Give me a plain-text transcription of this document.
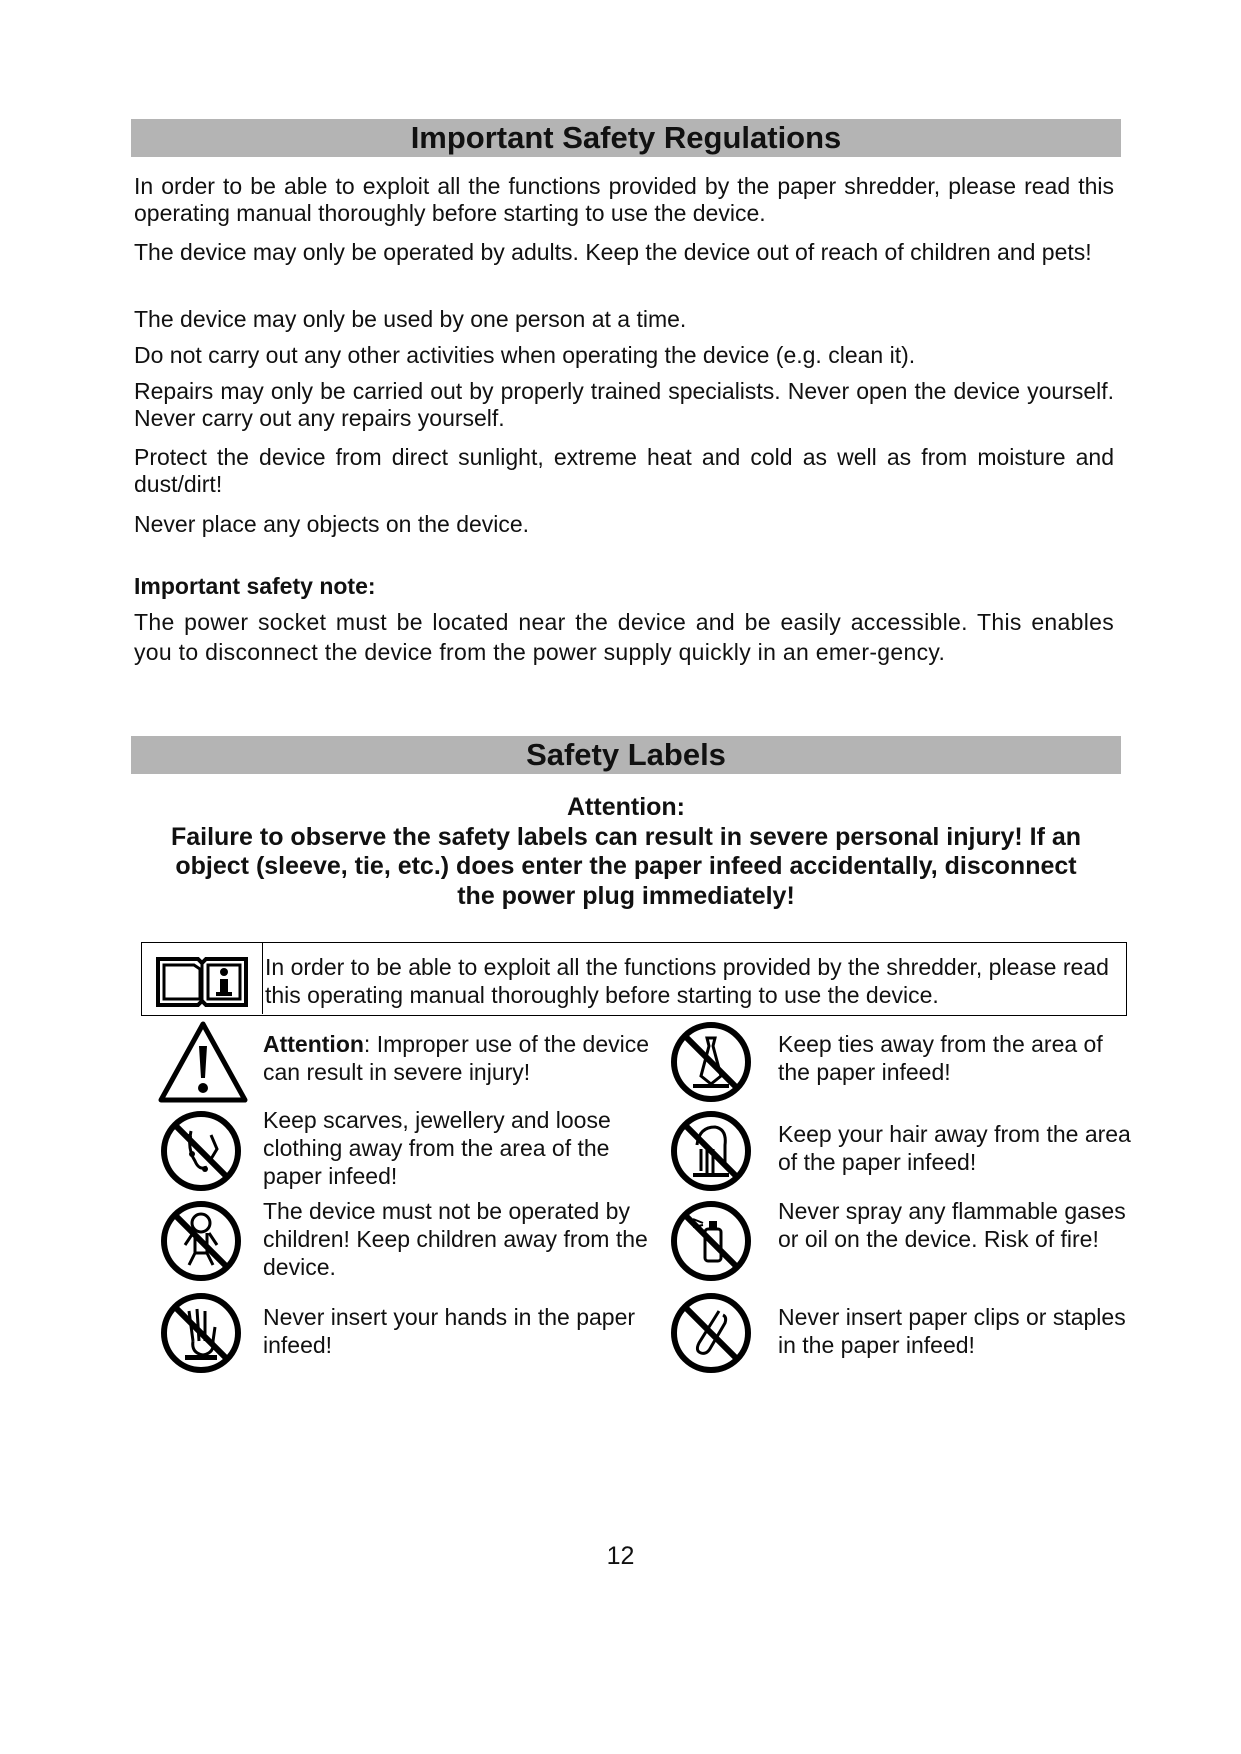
Important Safety Regulations

In order to be able to exploit all the functions provided by the paper shredder, please read this operating manual thoroughly before starting to use the device.

The device may only be operated by adults. Keep the device out of reach of children and pets!

The device may only be used by one person at a time.

Do not carry out any other activities when operating the device (e.g. clean it).

Repairs may only be carried out by properly trained specialists. Never open the device yourself. Never carry out any repairs yourself.

Protect the device from direct sunlight, extreme heat and cold as well as from moisture and dust/dirt!

Never place any objects on the device.

Important safety note:

The power socket must be located near the device and be easily accessible. This enables you to disconnect the device from the power supply quickly in an emer-gency.

Safety Labels
Attention:
Failure to observe the safety labels can result in severe personal injury! If an
object (sleeve, tie, etc.) does enter the paper infeed accidentally, disconnect
the power plug immediately!
In order to be able to exploit all the functions provided by the shredder, please read this operating manual thoroughly before starting to use the device.
Attention: Improper use of the device can result in severe injury!
Keep scarves, jewellery and loose clothing away from the area of the paper infeed!
The device must not be operated by children! Keep children away from the device.
Never insert your hands in the paper infeed!
Keep ties away from the area of the paper infeed!
Keep your hair away from the area of the paper infeed!
Never spray any flammable gases or oil on the device. Risk of fire!
Never insert paper clips or staples in the paper infeed!
12
